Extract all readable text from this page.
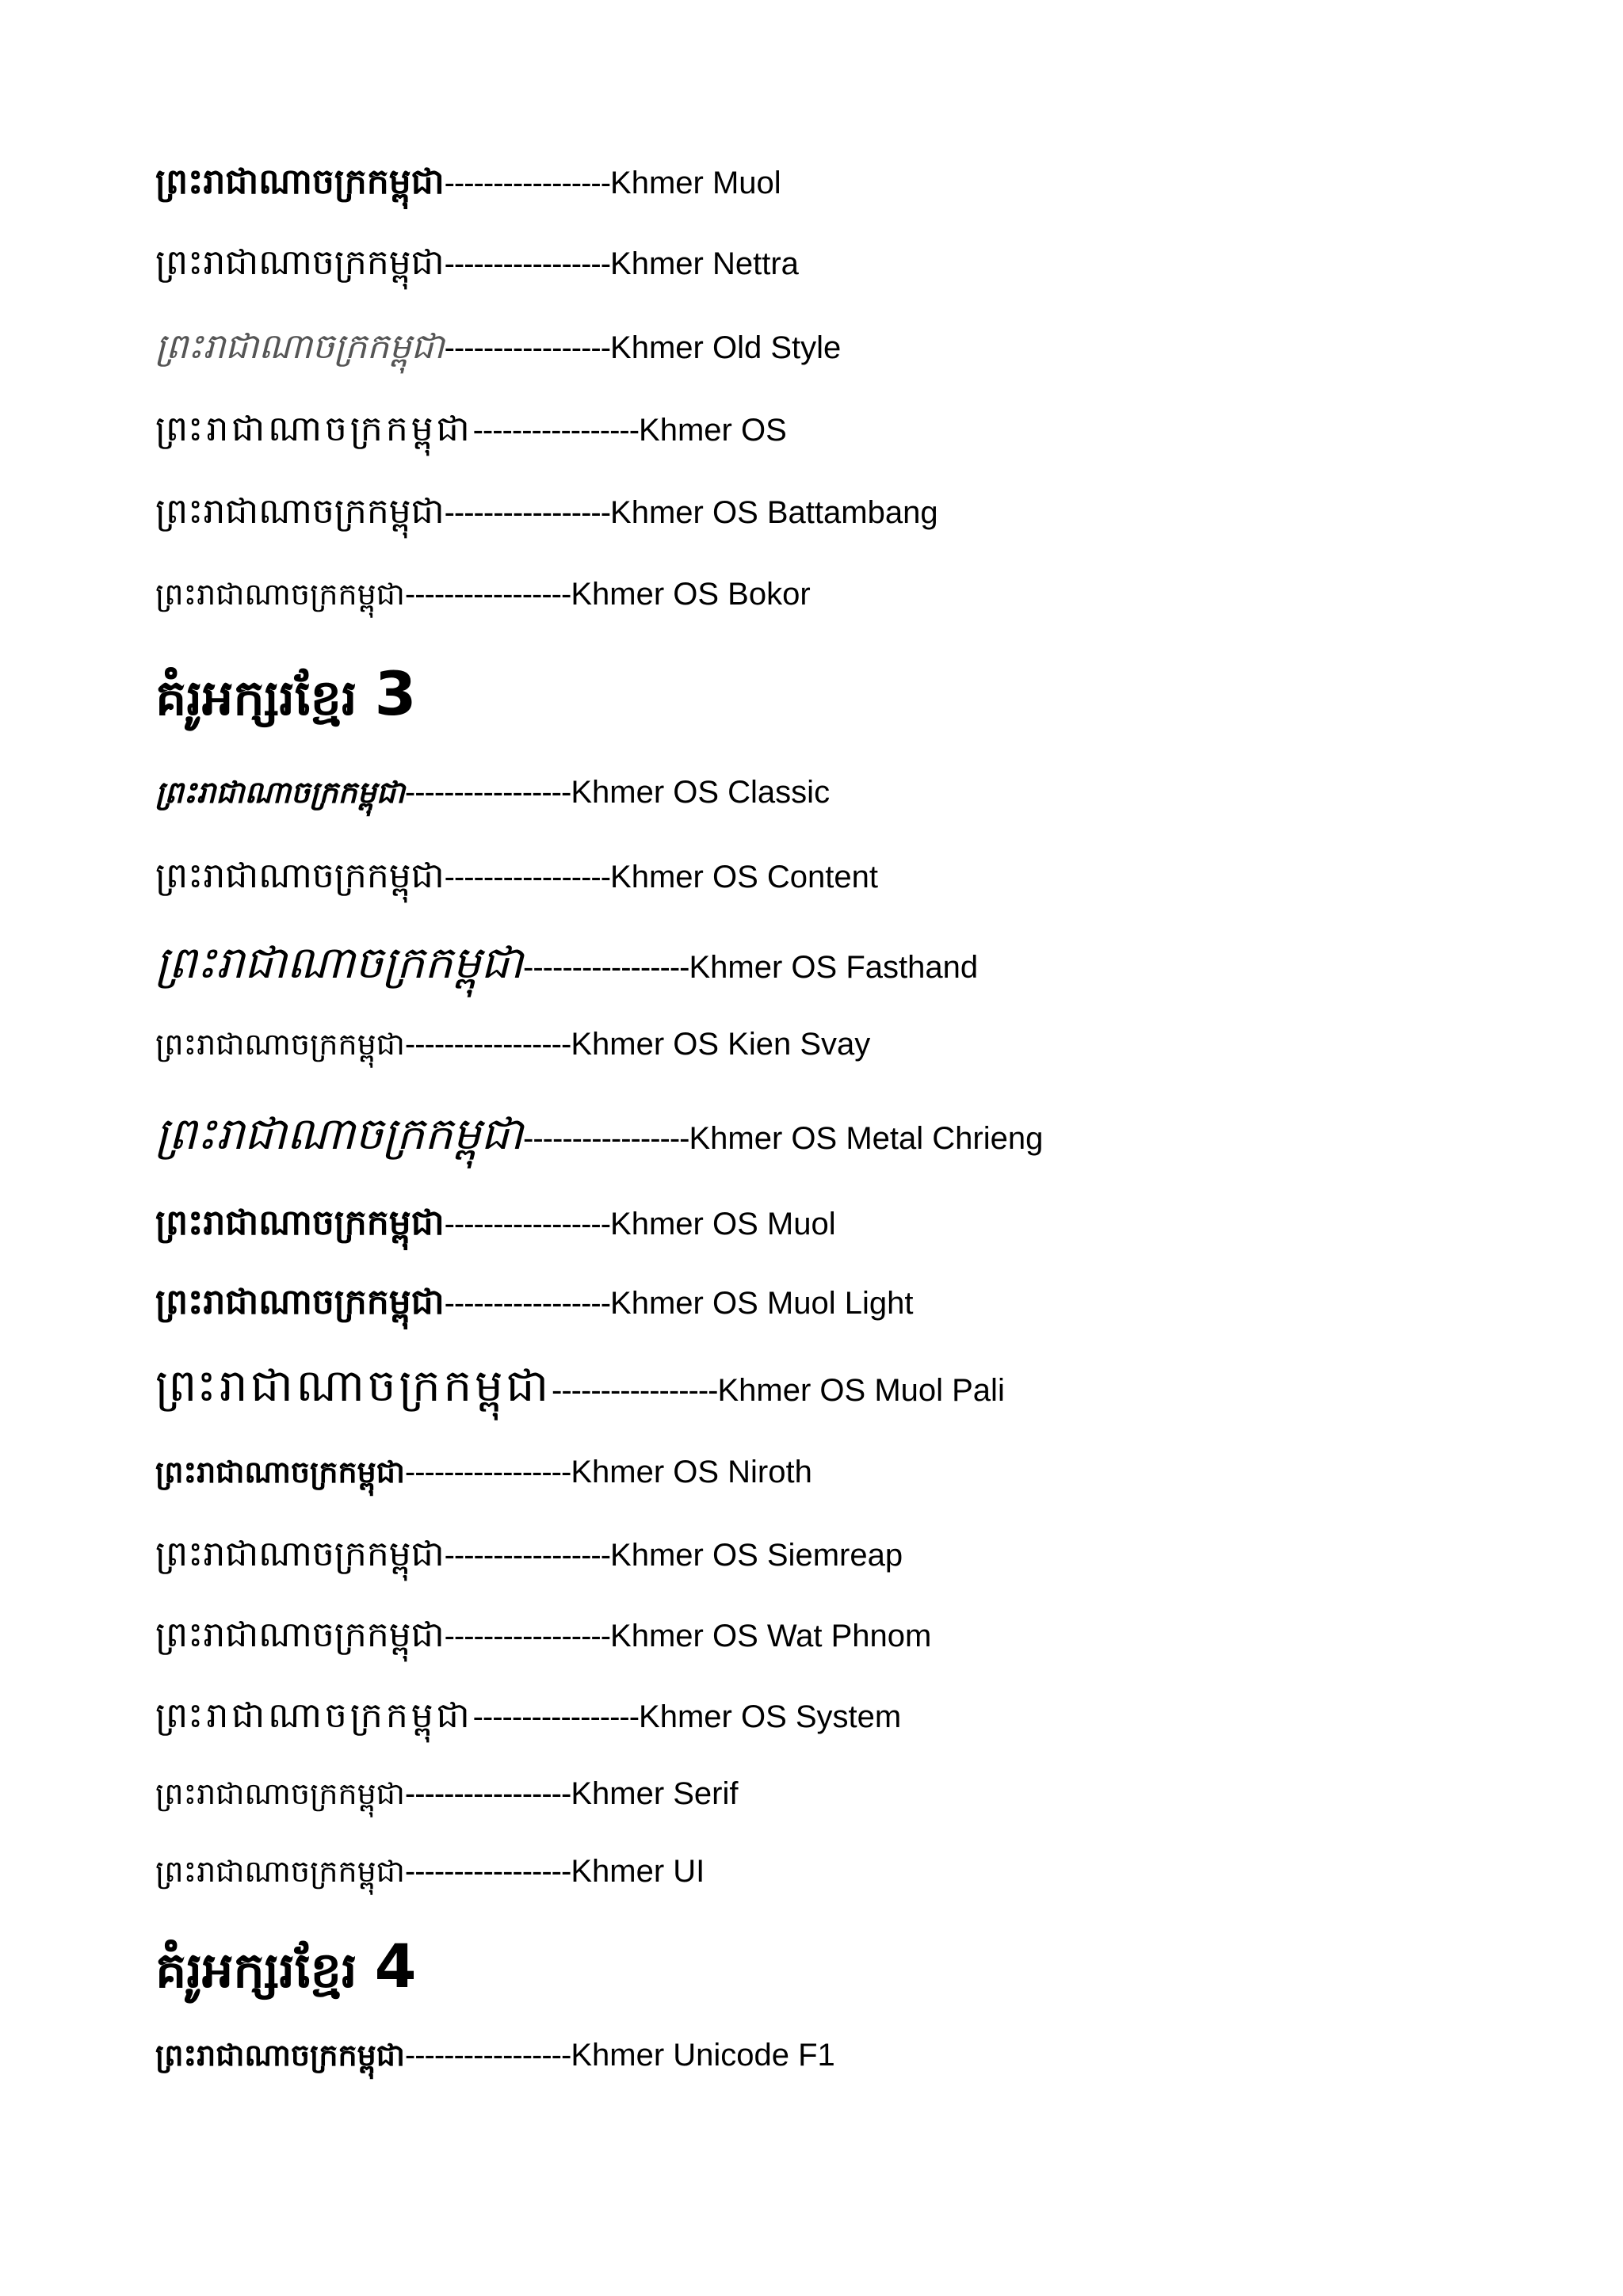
ព្រះរាជាណាចក្រកម្ពុជា ----------------- Khmer Muol
ព្រះរាជាណាចក្រកម្ពុជា ----------------- Khmer Nettra
ព្រះរាជាណាចក្រកម្ពុជា ----------------- Khmer Old Style
ព្រះរាជាណាចក្រកម្ពុជា ----------------- Khmer OS
ព្រះរាជាណាចក្រកម្ពុជា ----------------- Khmer OS Battambang
ព្រះរាជាណាចក្រកម្ពុជា ----------------- Khmer OS Bokor
គំរូអក្សរខ្មែរ 3
ព្រះរាជាណាចក្រកម្ពុជា ----------------- Khmer OS Classic
ព្រះរាជាណាចក្រកម្ពុជា ----------------- Khmer OS Content
ព្រះរាជាណាចក្រកម្ពុជា ----------------- Khmer OS Fasthand
ព្រះរាជាណាចក្រកម្ពុជា ----------------- Khmer OS Kien Svay
ព្រះរាជាណាចក្រកម្ពុជា ----------------- Khmer OS Metal Chrieng
ព្រះរាជាណាចក្រកម្ពុជា ----------------- Khmer OS Muol
ព្រះរាជាណាចក្រកម្ពុជា ----------------- Khmer OS Muol Light
ព្រះរាជាណាចក្រកម្ពុជា ----------------- Khmer OS Muol Pali
ព្រះរាជាណាចក្រកម្ពុជា ----------------- Khmer OS Niroth
ព្រះរាជាណាចក្រកម្ពុជា ----------------- Khmer OS Siemreap
ព្រះរាជាណាចក្រកម្ពុជា ----------------- Khmer OS Wat Phnom
ព្រះរាជាណាចក្រកម្ពុជា ----------------- Khmer OS System
ព្រះរាជាណាចក្រកម្ពុជា ----------------- Khmer Serif
ព្រះរាជាណាចក្រកម្ពុជា ----------------- Khmer UI
គំរូអក្សរខ្មែរ 4
ព្រះរាជាណាចក្រកម្ពុជា ----------------- Khmer Unicode F1
